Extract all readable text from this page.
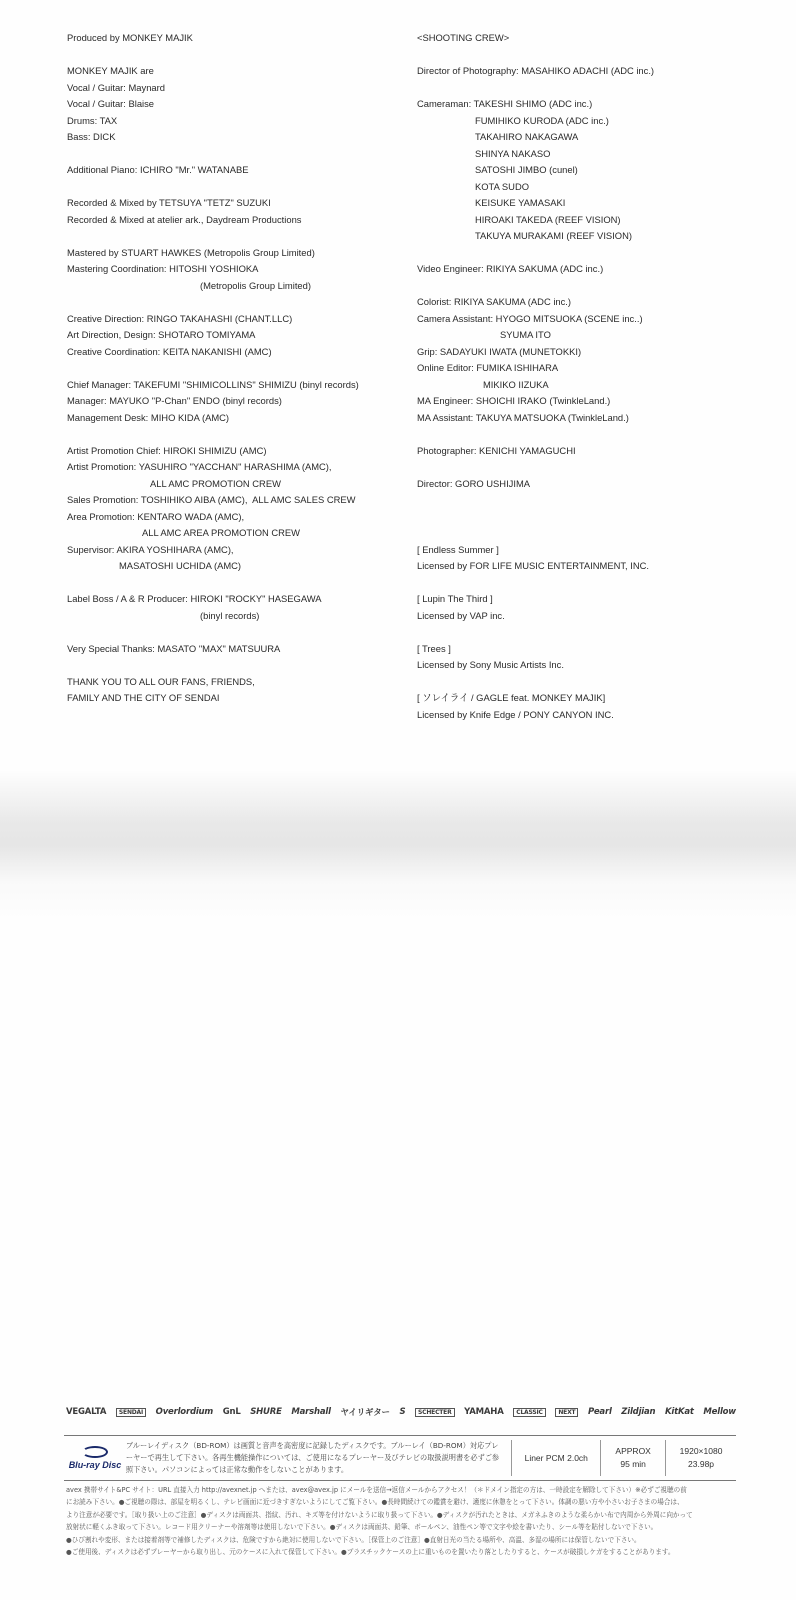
Produced by MONKEY MAJIK
MONKEY MAJIK are
Vocal / Guitar: Maynard
Vocal / Guitar: Blaise
Drums: TAX
Bass: DICK
Additional Piano: ICHIRO "Mr." WATANABE
Recorded & Mixed by TETSUYA "TETZ" SUZUKI
Recorded & Mixed at atelier ark., Daydream Productions
Mastered by STUART HAWKES (Metropolis Group Limited)
Mastering Coordination: HITOSHI YOSHIOKA
(Metropolis Group Limited)
Creative Direction: RINGO TAKAHASHI (CHANT.LLC)
Art Direction, Design: SHOTARO TOMIYAMA
Creative Coordination: KEITA NAKANISHI (AMC)
Chief Manager: TAKEFUMI "SHIMICOLLINS" SHIMIZU (binyl records)
Manager: MAYUKO "P-Chan" ENDO (binyl records)
Management Desk: MIHO KIDA (AMC)
Artist Promotion Chief: HIROKI SHIMIZU (AMC)
Artist Promotion: YASUHIRO "YACCHAN" HARASHIMA (AMC),
ALL AMC PROMOTION CREW
Sales Promotion: TOSHIHIKO AIBA (AMC),  ALL AMC SALES CREW
Area Promotion: KENTARO WADA (AMC),
ALL AMC AREA PROMOTION CREW
Supervisor: AKIRA YOSHIHARA (AMC),
MASATOSHI UCHIDA (AMC)
Label Boss / A & R Producer: HIROKI "ROCKY" HASEGAWA
(binyl records)
Very Special Thanks: MASATO "MAX" MATSUURA
THANK YOU TO ALL OUR FANS, FRIENDS,
FAMILY AND THE CITY OF SENDAI
<SHOOTING CREW>
Director of Photography: MASAHIKO ADACHI (ADC inc.)
Cameraman: TAKESHI SHIMO (ADC inc.)
FUMIHIKO KURODA (ADC inc.)
TAKAHIRO NAKAGAWA
SHINYA NAKASO
SATOSHI JIMBO (cunel)
KOTA SUDO
KEISUKE YAMASAKI
HIROAKI TAKEDA (REEF VISION)
TAKUYA MURAKAMI (REEF VISION)
Video Engineer: RIKIYA SAKUMA (ADC inc.)
Colorist: RIKIYA SAKUMA (ADC inc.)
Camera Assistant: HYOGO MITSUOKA (SCENE inc..)
SYUMA ITO
Grip: SADAYUKI IWATA (MUNETOKKI)
Online Editor: FUMIKA ISHIHARA
MIKIKO IIZUKA
MA Engineer: SHOICHI IRAKO (TwinkleLand.)
MA Assistant: TAKUYA MATSUOKA (TwinkleLand.)
Photographer: KENICHI YAMAGUCHI
Director: GORO USHIJIMA
[ Endless Summer ]
Licensed by FOR LIFE MUSIC ENTERTAINMENT, INC.
[ Lupin The Third ]
Licensed by VAP inc.
[ Trees ]
Licensed by Sony Music Artists Inc.
[ ソレイライ / GAGLE feat. MONKEY MAJIK]
Licensed by Knife Edge / PONY CANYON INC.
VEGALTA	SENDAI	Overlordium GnL SHURE Marshall ヤイリギター S	SCHECTER	YAMAHA	CLASSIC	NEXT	Pearl Zildjian KitKat Mellow
Blu-ray Disc
ブルーレイディスク（BD-ROM）は画質と音声を高密度に記録したディスクです。ブルーレイ（BD-ROM）対応プレーヤーで再生して下さい。各再生機能操作については、ご使用になるプレーヤー及びテレビの取扱説明書を必ずご参照下さい。パソコンによっては正常な動作をしないことがあります。
Liner PCM 2.0ch
APPROX
95 min
1920×1080
23.98p
avex 携帯サイト&PC サイト：URL 直接入力 http://avexnet.jp へまたは、avex@avex.jp にメールを送信→返信メールからアクセス！（＊ドメイン指定の方は、一時設定を解除して下さい）※必ずご視聴の前
にお読み下さい。●ご視聴の際は、部屋を明るくし、テレビ画面に近づきすぎないようにしてご覧下さい。●長時間続けての鑑賞を避け、適度に休憩をとって下さい。体調の悪い方や小さいお子さまの場合は、
より注意が必要です。［取り扱い上のご注意］●ディスクは両面共、指紋、汚れ、キズ等を付けないように取り扱って下さい。●ディスクが汚れたときは、メガネふきのような柔らかい布で内周から外周に向かって
放射状に軽くふき取って下さい。レコード用クリーナーや溶剤等は使用しないで下さい。●ディスクは両面共、鉛筆、ボールペン、油性ペン等で文字や絵を書いたり、シール等を貼付しないで下さい。
●ひび割れや変形、または接着剤等で補修したディスクは、危険ですから絶対に使用しないで下さい。［保管上のご注意］●直射日光の当たる場所や、高温、多湿の場所には保管しないで下さい。
●ご使用後、ディスクは必ずプレーヤーから取り出し、元のケースに入れて保管して下さい。●プラスチックケースの上に重いものを置いたり落としたりすると、ケースが破損しケガをすることがあります。
